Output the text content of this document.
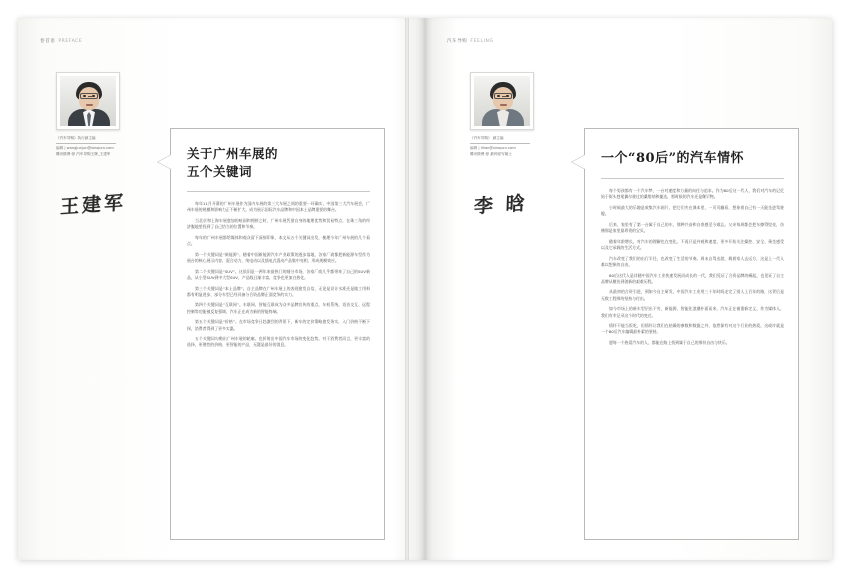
卷首语 PREFACE
《汽车导购》执行副主编
编辑 | wangjunjun@sinopcn.com
腾讯微博 @ 汽车导购王牌_王建军
王建军
关于广州车展的
五个关键词

每年11月开幕的广州车展作为国内车展的第三大车展之间的重要一环确实，中国第三大汽车展会，广州车展的规模和影响力正不断扩大，成为展示国际汽车品牌和中国本土品牌重要的舞台。

当北京和上海车展愈加的喧闹和拥挤之时，广州车展凭借自身的地理优势和贸易特点，在珠三角的经济腹地里找到了自己恰当的位置和节奏。

每年的广州车展都给媒体和观众留下深刻印象，本文从五个关键词出发，梳理今年广州车展的几个看点。

第一个关键词是“新能源”。随着中国新能源汽车产业政策的逐步落地，各家厂商都把新能源车型作为展台的核心展示内容，混合动力、纯电动以及插电式混动产品集中亮相，形成规模效应。

第二个关键词是“SUV”。这依旧是一两年来最热门的细分市场，各家厂商几乎都带来了自己的SUV新品，从小型SUV到中大型SUV，产品线日渐丰富，竞争也更加白热化。

第三个关键词是“本土品牌”。自主品牌在广州车展上的表现愈发自信，无论是设计水准还是做工用料都有明显进步，部分车型已经具备与合资品牌正面竞争的实力。

第四个关键词是“互联网”。车联网、智能互联成为众多品牌宣传的重点，车机系统、语音交互、远程控制等功能被反复强调，汽车正在成为新的智能终端。

第五个关键词是“价格”。在市场竞争日趋激烈的背景下，新车的定价策略愈发务实，入门价格不断下探，消费者得到了更多实惠。

五个关键词勾勒出广州车展的轮廓，也折射出中国汽车市场的变化趋势。对于消费者而言，更丰富的选择、更理性的价格、更智能的产品，无疑是最好的消息。

汽车导购 FEELING
《汽车导购》 副主编
编辑 | lihan@sinopcn.com
腾讯微博 @ 最帅爱写稿士
李 晗
一个“80后”的汽车情怀

每个男孩都有一个汽车梦，一台对速度和力量的向往与追求。作为80后这一代人，我们对汽车的记忆始于街头巷尾偶尔驶过的桑塔纳和捷达，那时候的汽车还是稀罕物。

小时候最大的乐趣是收集汽车画片，把它们夹在课本里，一页页翻看，想象着自己有一天能坐进驾驶舱。

后来，家里有了第一台属于自己的车，那种兴奋和自豪感至今难忘。父亲每周都会把车擦得锃亮，仿佛那是家里最珍贵的宝贝。

随着年龄增长，对汽车的理解也在变化。不再只是外观和速度，更多开始关注操控、安全、乘坐感受以及它承载的生活方式。

汽车改变了我们的出行半径，也改变了生活的节奏。周末自驾出游，载着家人去远方，这是上一代人难以想象的自由。

80后这代人是伴随中国汽车工业快速发展而成长的一代，我们见证了合资品牌的崛起，也见证了自主品牌从模仿到创新的艰难历程。

从最初的合资引进，到如今自主研发，中国汽车工业用三十年时间走完了别人上百年的路，这背后是无数工程师的坚持与付出。

如今市场上的新车型层出不穷，新能源、智能化浪潮扑面而来，汽车正在被重新定义。作为媒体人，我们有幸记录这个时代的变迁。

情怀不能当饭吃，但情怀让我们在枯燥的参数和数据之外，依然保有对这个行业的热爱。这或许就是一个80后汽车编辑最朴素的坚持。

愿每一个热爱汽车的人，都能在路上找到属于自己的那份自由与快乐。
